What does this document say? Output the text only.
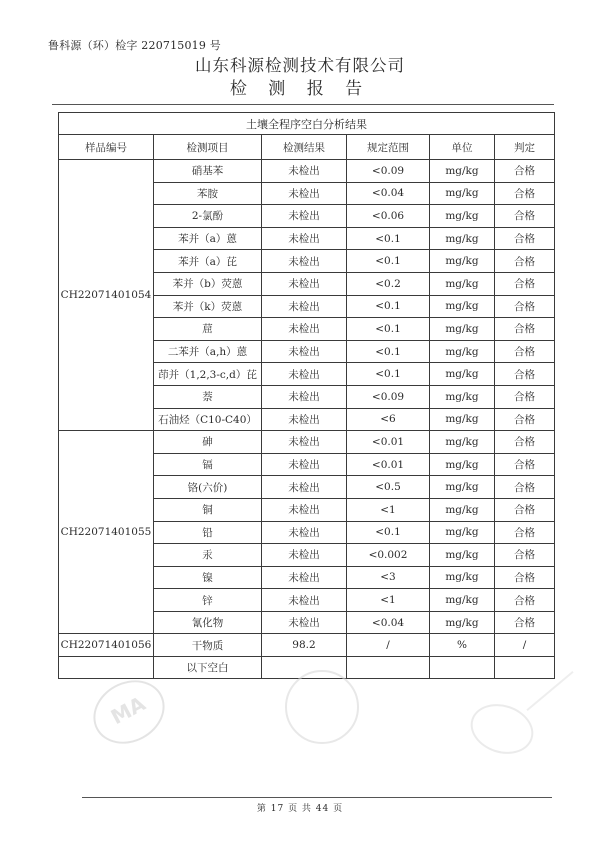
鲁科源（环）检字 220715019 号
山东科源检测技术有限公司
检 测 报 告
土壤全程序空白分析结果					
样品编号	检测项目	检测结果	规定范围	单位	判定
CH22071401054	硝基苯	未检出	<0.09	mg/kg	合格
	苯胺	未检出	<0.04	mg/kg	合格
	2-氯酚	未检出	<0.06	mg/kg	合格
	苯并（a）蒽	未检出	<0.1	mg/kg	合格
	苯并（a）芘	未检出	<0.1	mg/kg	合格
	苯并（b）荧蒽	未检出	<0.2	mg/kg	合格
	苯并（k）荧蒽	未检出	<0.1	mg/kg	合格
	䓛	未检出	<0.1	mg/kg	合格
	二苯并（a,h）蒽	未检出	<0.1	mg/kg	合格
	茚并（1,2,3-c,d）芘	未检出	<0.1	mg/kg	合格
	萘	未检出	<0.09	mg/kg	合格
	石油烃（C10-C40）	未检出	<6	mg/kg	合格
CH22071401055	砷	未检出	<0.01	mg/kg	合格
	镉	未检出	<0.01	mg/kg	合格
	铬(六价)	未检出	<0.5	mg/kg	合格
	铜	未检出	<1	mg/kg	合格
	铅	未检出	<0.1	mg/kg	合格
	汞	未检出	<0.002	mg/kg	合格
	镍	未检出	<3	mg/kg	合格
	锌	未检出	<1	mg/kg	合格
	氰化物	未检出	<0.04	mg/kg	合格
CH22071401056	干物质	98.2	/	%	/
	以下空白				
第 17 页 共 44 页
MA
